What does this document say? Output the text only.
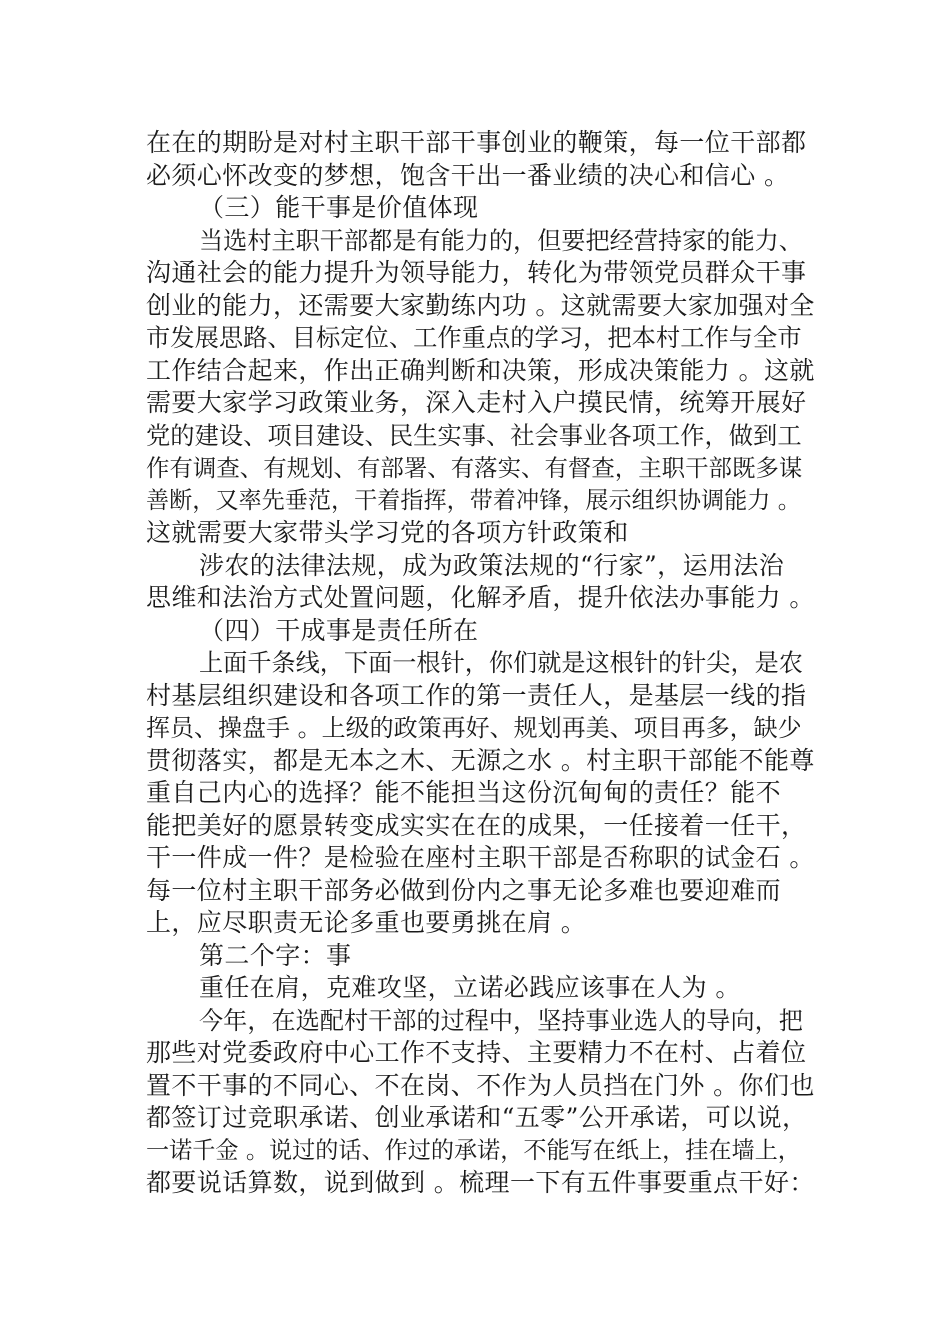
在在的期盼是对村主职干部干事创业的鞭策，每一位干部都
必须心怀改变的梦想，饱含干出一番业绩的决心和信心 。
（三）能干事是价值体现
当选村主职干部都是有能力的，但要把经营持家的能力、
沟通社会的能力提升为领导能力，转化为带领党员群众干事
创业的能力，还需要大家勤练内功 。这就需要大家加强对全
市发展思路、目标定位、工作重点的学习，把本村工作与全市
工作结合起来，作出正确判断和决策，形成决策能力 。这就
需要大家学习政策业务，深入走村入户摸民情，统筹开展好
党的建设、项目建设、民生实事、社会事业各项工作，做到工
作有调查、有规划、有部署、有落实、有督查，主职干部既多谋
善断，又率先垂范，干着指挥，带着冲锋，展示组织协调能力 。
这就需要大家带头学习党的各项方针政策和
涉农的法律法规，成为政策法规的“行家”，运用法治
思维和法治方式处置问题，化解矛盾，提升依法办事能力 。
（四）干成事是责任所在
上面千条线，下面一根针，你们就是这根针的针尖，是农
村基层组织建设和各项工作的第一责任人，是基层一线的指
挥员、操盘手 。上级的政策再好、规划再美、项目再多，缺少
贯彻落实，都是无本之木、无源之水 。村主职干部能不能尊
重自己内心的选择？能不能担当这份沉甸甸的责任？能不
能把美好的愿景转变成实实在在的成果，一任接着一任干，
干一件成一件？是检验在座村主职干部是否称职的试金石 。
每一位村主职干部务必做到份内之事无论多难也要迎难而
上，应尽职责无论多重也要勇挑在肩 。
第二个字：事
重任在肩，克难攻坚，立诺必践应该事在人为 。
今年，在选配村干部的过程中，坚持事业选人的导向，把
那些对党委政府中心工作不支持、主要精力不在村、占着位
置不干事的不同心、不在岗、不作为人员挡在门外 。你们也
都签订过竞职承诺、创业承诺和“五零”公开承诺，可以说，
一诺千金 。说过的话、作过的承诺，不能写在纸上，挂在墙上，
都要说话算数，说到做到 。梳理一下有五件事要重点干好：
